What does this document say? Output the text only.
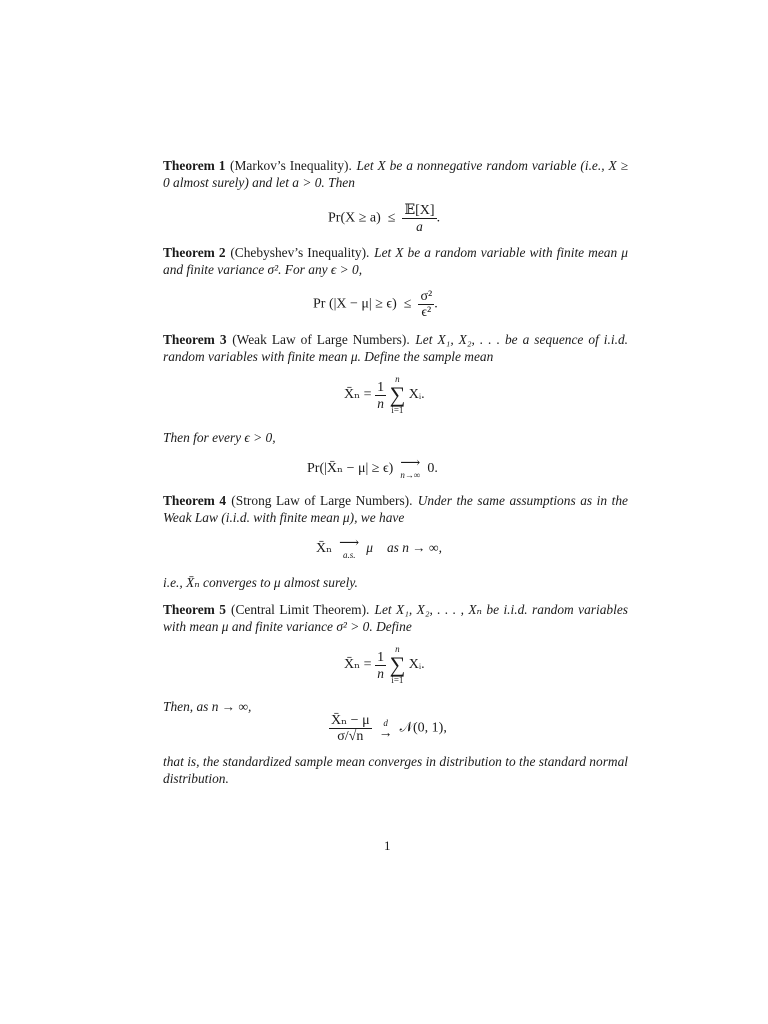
Theorem 1 (Markov’s Inequality). Let X be a nonnegative random variable (i.e., X ≥ 0 almost surely) and let a > 0. Then
$Pr(X \ge a) \le \frac{\text{𝔼[X]}}{a}$ .
Theorem 2 (Chebyshev’s Inequality). Let X be a random variable with finite mean μ and finite variance σ². For any ϵ > 0,
Pr $(|X - \mu| \ge \epsilon) \le \frac{\text{σ²}}{\text{ϵ²}}$ .
Theorem 3 (Weak Law of Large Numbers). Let X₁, X₂, . . . be a sequence of i.i.d. random variables with finite mean μ. Define the sample mean
X̄ₙ = $\frac{1}{n}$

n
∑
i=1
Xᵢ.
Then for every ϵ > 0,
Pr(|X̄ₙ − μ| ≥ ϵ) ⟶
n→∞ 0.
Theorem 4 (Strong Law of Large Numbers). Under the same assumptions as in the Weak Law (i.i.d. with finite mean μ), we have
X̄ₙ ⟶
a.s. μ as n → ∞,
i.e., X̄ₙ converges to μ almost surely.
Theorem 5 (Central Limit Theorem). Let X₁, X₂, . . . , Xₙ be i.i.d. random variables with mean μ and finite variance σ² > 0. Define
X̄ₙ = $\frac{1}{n}$

n
∑
i=1
Xᵢ.
Then, as n → ∞,
$\frac{\text{X̄ₙ − μ}}{\sigma/√n}$
	d
→ 𝒩(0, 1),
that is, the standardized sample mean converges in distribution to the standard normal distribution.
1
